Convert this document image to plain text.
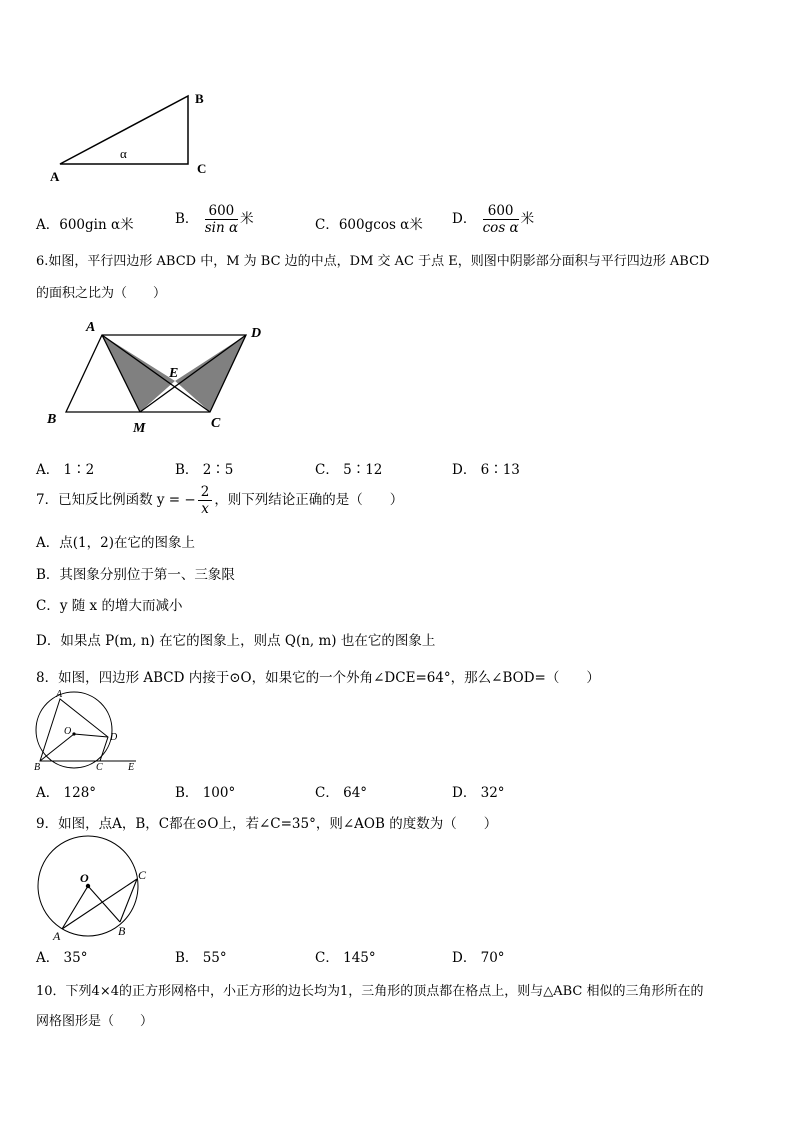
B
C
A
α
A．600gin α米	B． $\frac{600}{\text{sin α}}$ 米	C．600gcos α米 D． $\frac{600}{\text{cos α}}$ 米
6.如图，平行四边形 ABCD 中，M 为 BC 边的中点，DM 交 AC 于点 E，则图中阴影部分面积与平行四边形 ABCD
的面积之比为（　　）
A	D
E
B
M	C
A． 1∶2	B． 2∶5	C． 5∶12	D． 6∶13
7．已知反比例函数 y = − $\frac{2}{x}$ ，则下列结论正确的是（　　）
A．点(1，2)在它的图象上
B．其图象分别位于第一、三象限
C．y 随 x 的增大而减小
D．如果点 P(m, n) 在它的图象上，则点 Q(n, m) 也在它的图象上
8．如图，四边形 ABCD 内接于⊙O，如果它的一个外角∠DCE=64°，那么∠BOD=（　　）
A
O
D
B	C	E
A． 128°	B． 100°	C． 64°	D． 32°
9．如图，点A，B，C都在⊙O上，若∠C=35°，则∠AOB 的度数为（　　）
O	C
A	B
A． 35°	B． 55°	C． 145°	D． 70°
10．下列4×4的正方形网格中，小正方形的边长均为1，三角形的顶点都在格点上，则与△ABC 相似的三角形所在的
网格图形是（　　）
